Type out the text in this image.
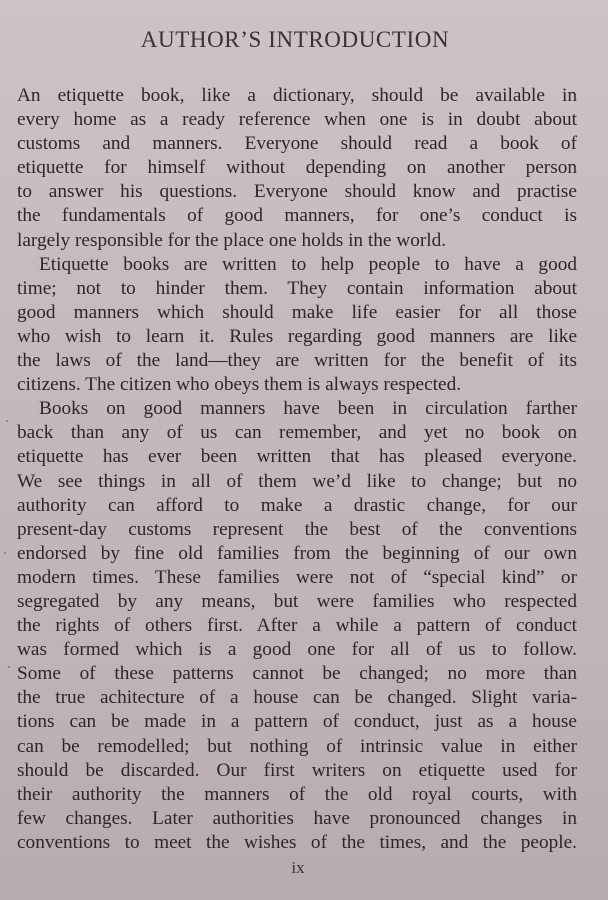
AUTHOR’S INTRODUCTION
An etiquette book, like a dictionary, should be available in
every home as a ready reference when one is in doubt about
customs and manners. Everyone should read a book of
etiquette for himself without depending on another person
to answer his questions. Everyone should know and practise
the fundamentals of good manners, for one’s conduct is
largely responsible for the place one holds in the world.
Etiquette books are written to help people to have a good
time; not to hinder them. They contain information about
good manners which should make life easier for all those
who wish to learn it. Rules regarding good manners are like
the laws of the land—they are written for the benefit of its
citizens. The citizen who obeys them is always respected.
Books on good manners have been in circulation farther
back than any of us can remember, and yet no book on
etiquette has ever been written that has pleased everyone.
We see things in all of them we’d like to change; but no
authority can afford to make a drastic change, for our
present-day customs represent the best of the conventions
endorsed by fine old families from the beginning of our own
modern times. These families were not of “special kind” or
segregated by any means, but were families who respected
the rights of others first. After a while a pattern of conduct
was formed which is a good one for all of us to follow.
Some of these patterns cannot be changed; no more than
the true achitecture of a house can be changed. Slight varia-
tions can be made in a pattern of conduct, just as a house
can be remodelled; but nothing of intrinsic value in either
should be discarded. Our first writers on etiquette used for
their authority the manners of the old royal courts, with
few changes. Later authorities have pronounced changes in
conventions to meet the wishes of the times, and the people.
ix
